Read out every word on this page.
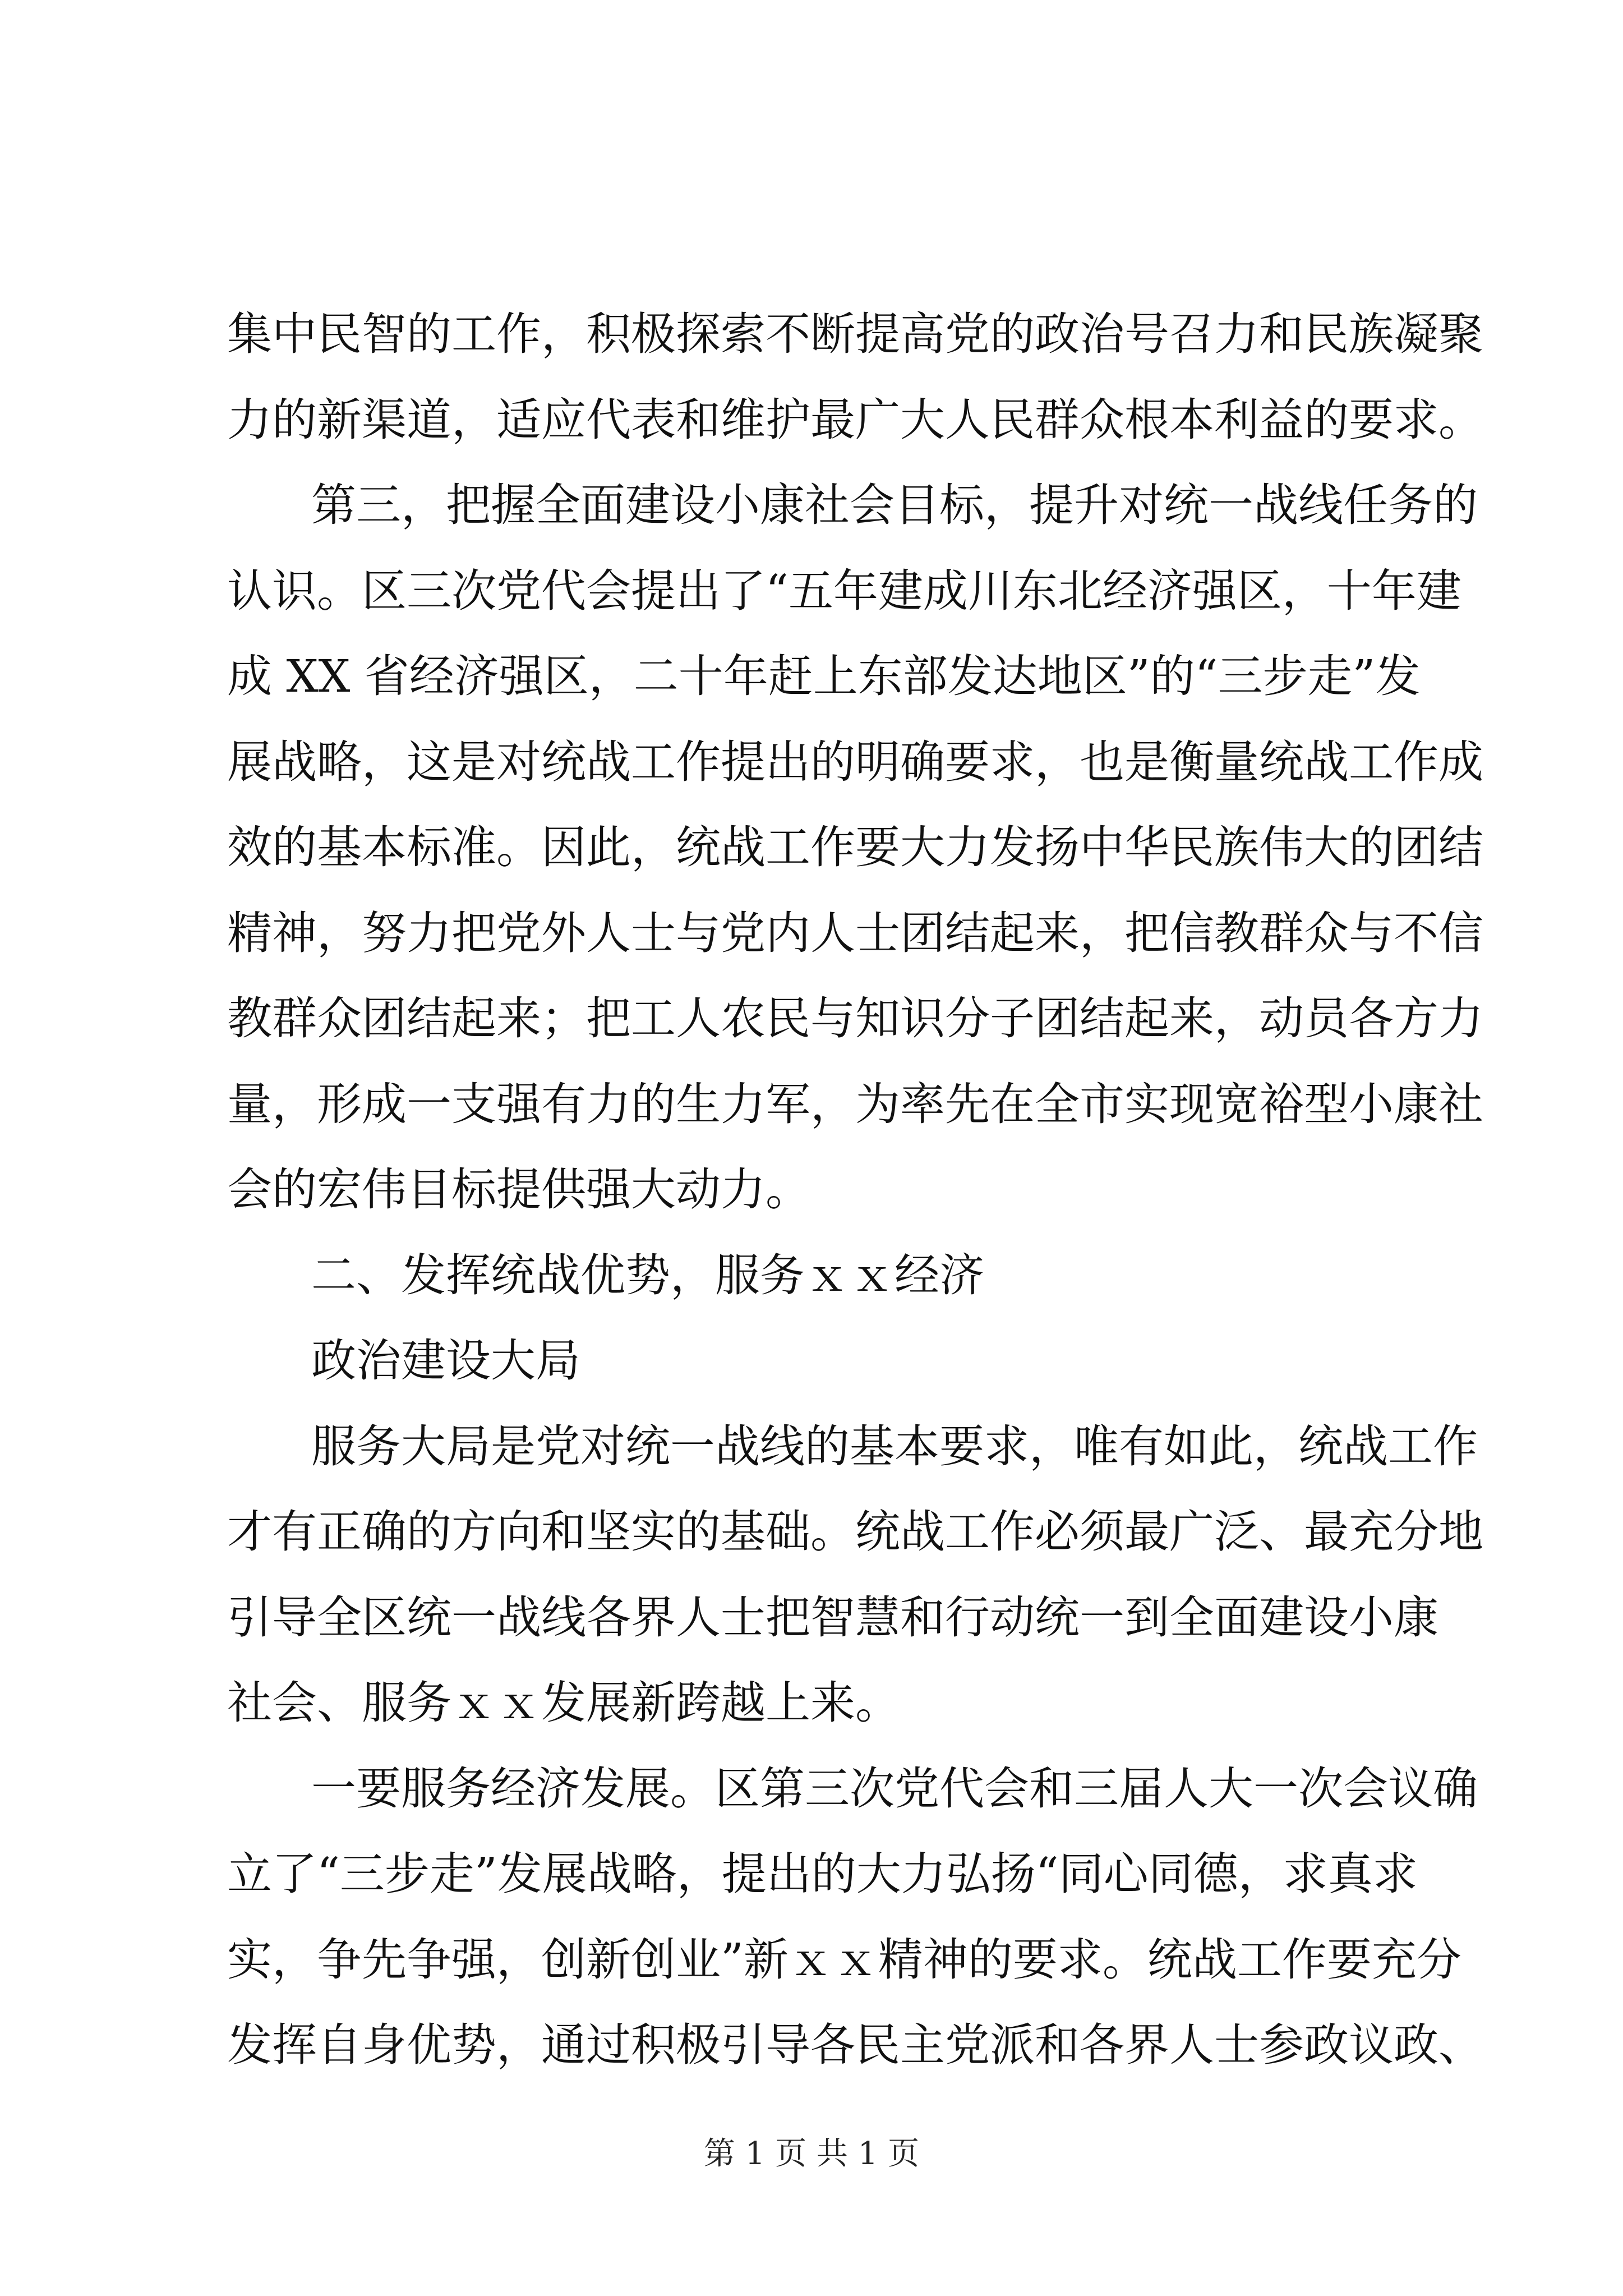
集中民智的工作，积极探索不断提高党的政治号召力和民族凝聚
力的新渠道，适应代表和维护最广大人民群众根本利益的要求。
第三，把握全面建设小康社会目标，提升对统一战线任务的
认识。区三次党代会提出了“五年建成川东北经济强区，十年建
成 XX 省经济强区，二十年赶上东部发达地区”的“三步走”发
展战略，这是对统战工作提出的明确要求，也是衡量统战工作成
效的基本标准。因此，统战工作要大力发扬中华民族伟大的团结
精神，努力把党外人士与党内人士团结起来，把信教群众与不信
教群众团结起来；把工人农民与知识分子团结起来，动员各方力
量，形成一支强有力的生力军，为率先在全市实现宽裕型小康社
会的宏伟目标提供强大动力。
二、发挥统战优势，服务ｘｘ经济
政治建设大局
服务大局是党对统一战线的基本要求，唯有如此，统战工作
才有正确的方向和坚实的基础。统战工作必须最广泛、最充分地
引导全区统一战线各界人士把智慧和行动统一到全面建设小康
社会、服务ｘｘ发展新跨越上来。
一要服务经济发展。区第三次党代会和三届人大一次会议确
立了“三步走”发展战略，提出的大力弘扬“同心同德，求真求
实，争先争强，创新创业”新ｘｘ精神的要求。统战工作要充分
发挥自身优势，通过积极引导各民主党派和各界人士参政议政、
第 1 页 共 1 页
